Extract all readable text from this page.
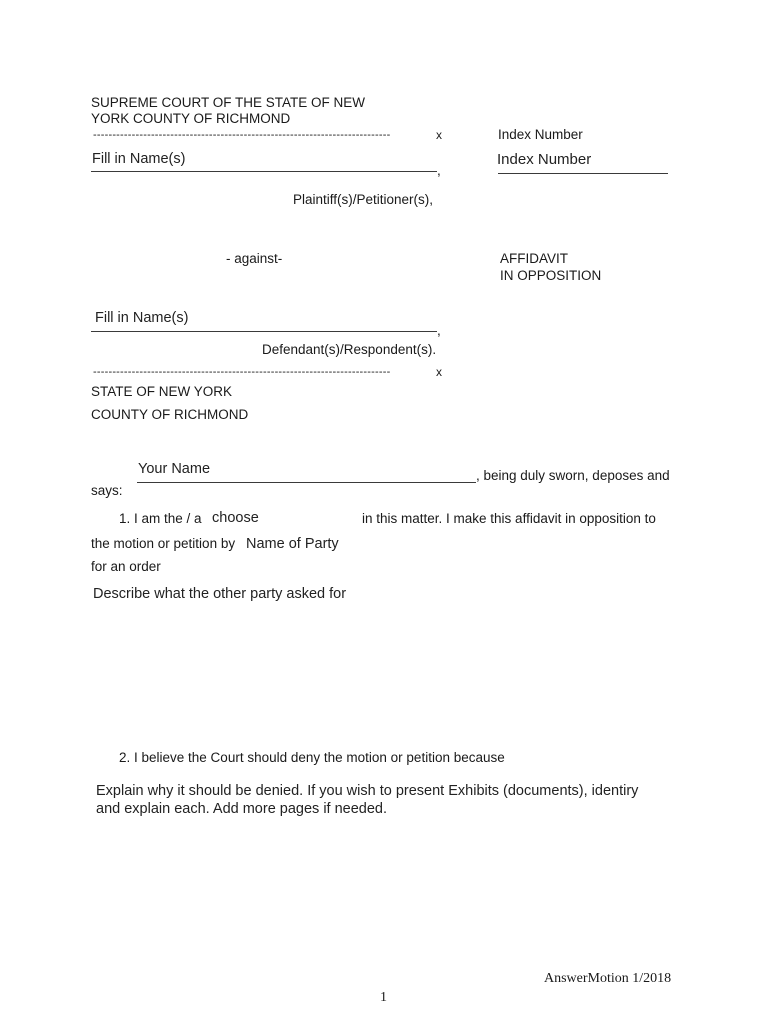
SUPREME COURT OF THE STATE OF NEW
YORK COUNTY OF RICHMOND
-----------------------------------------------------------------------------	x	Index Number
Index Number
Fill in Name(s)
,
Plaintiff(s)/Petitioner(s),
- against-	AFFIDAVIT
IN OPPOSITION
Fill in Name(s)
,
Defendant(s)/Respondent(s).
-----------------------------------------------------------------------------	x
STATE OF NEW YORK
COUNTY OF RICHMOND
Your Name	, being duly sworn, deposes and
says:
1. I am the / a choose	in this matter. I make this affidavit in opposition to
the motion or petition by Name of Party
for an order
Describe what the other party asked for
2. I believe the Court should deny the motion or petition because
Explain why it should be denied. If you wish to present Exhibits (documents), identiry
and explain each. Add more pages if needed.
AnswerMotion 1/2018
1
